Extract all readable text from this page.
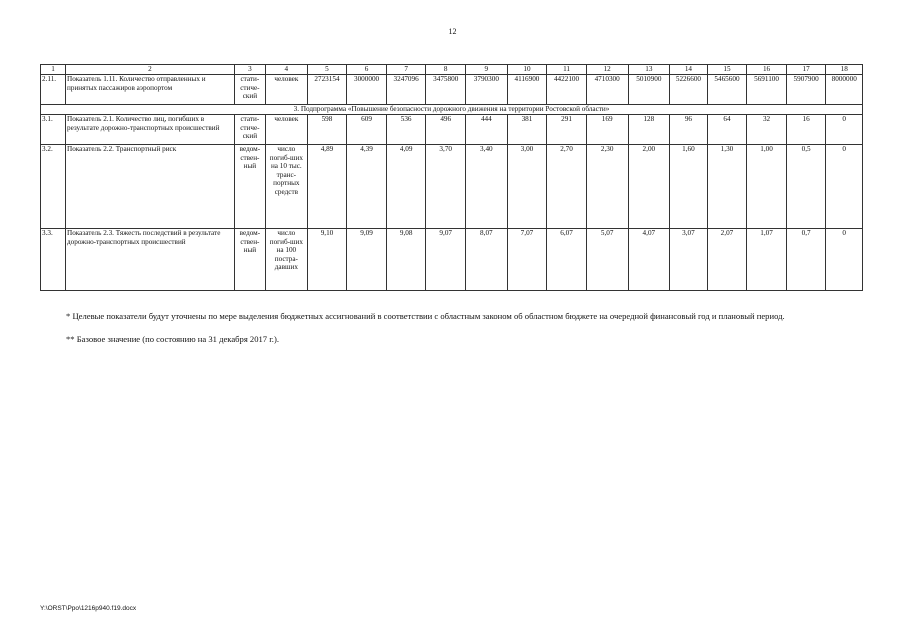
12
1	2	3	4	5	6	7	8	9	10	11	12	13	14	15	16	17	18
2.11.	Показатель 1.11. Количество отправленных и принятых пассажиров аэропортом	стати-стиче-ский	человек	2723154	3000000	3247096	3475800	3790300	4116900	4422100	4710300	5010900	5226600	5465600	5691100	5907900	8000000
3. Подпрограмма «Повышение безопасности дорожного движения на территории Ростовской области»																	
3.1.	Показатель 2.1. Количество лиц, погибших в результате дорожно-транспортных происшествий	стати-стиче-ский	человек	598	609	536	496	444	381	291	169	128	96	64	32	16	0
3.2.	Показатель 2.2. Транспортный риск	ведом-ствен-ный	число погиб-ших на 10 тыс. транс-портных средств	4,89	4,39	4,09	3,70	3,40	3,00	2,70	2,30	2,00	1,60	1,30	1,00	0,5	0
3.3.	Показатель 2.3. Тяжесть последствий в результате дорожно-транспортных происшествий	ведом-ствен-ный	число погиб-ших на 100 постра-давших	9,10	9,09	9,08	9,07	8,07	7,07	6,07	5,07	4,07	3,07	2,07	1,07	0,7	0
* Целевые показатели будут уточнены по мере выделения бюджетных ассигнований в соответствии с областным законом об областном бюджете на очередной финансовый год и плановый период.
** Базовое значение (по состоянию на 31 декабря 2017 г.).
Y:\ORST\Ppo\1216p940.f19.docx
